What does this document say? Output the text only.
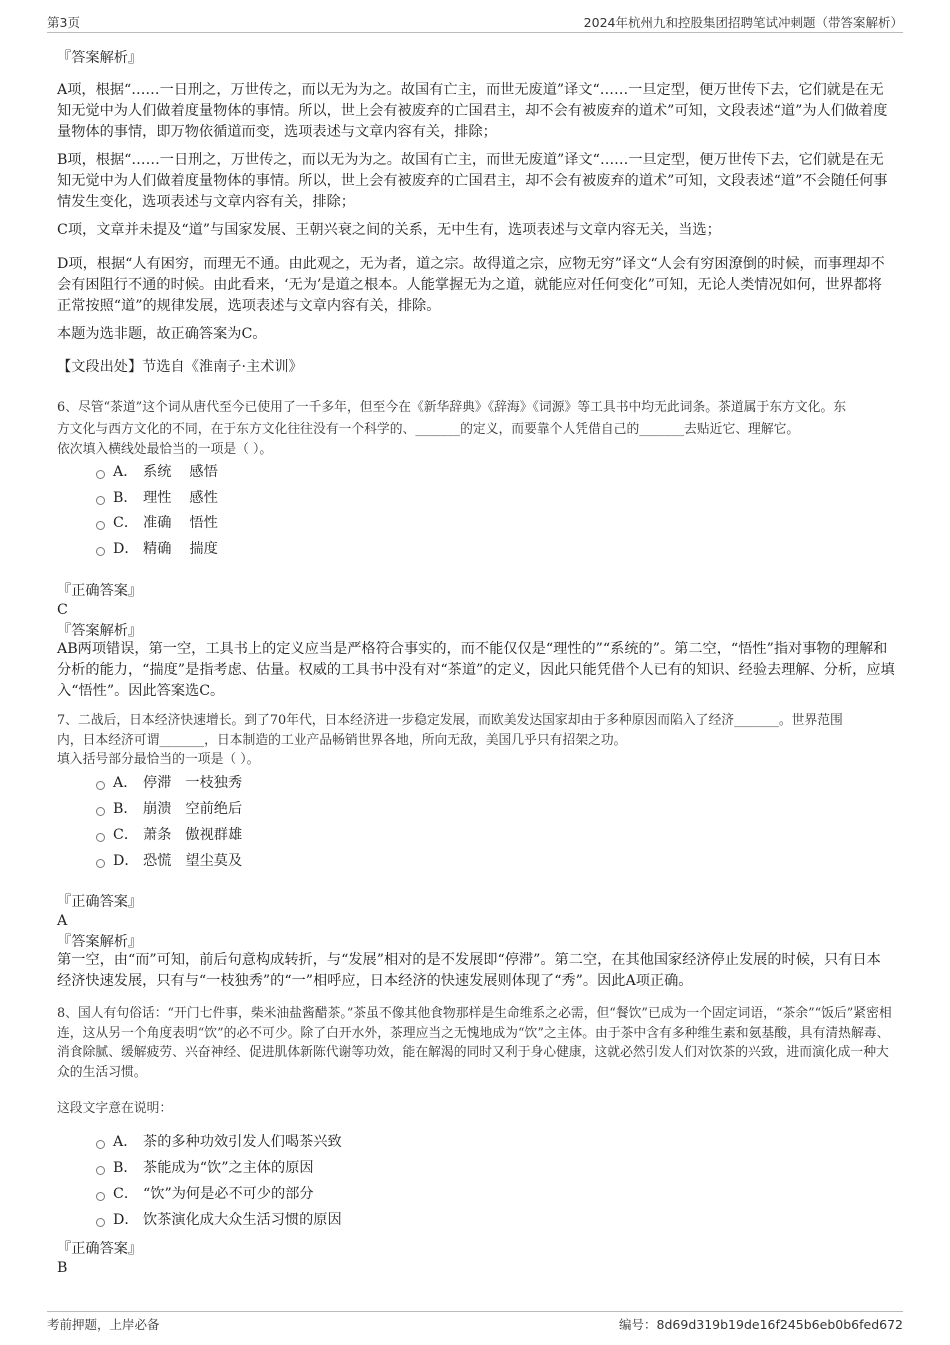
第3页	2024年杭州九和控股集团招聘笔试冲刺题（带答案解析）

『答案解析』

A项，根据“……一日刑之，万世传之，而以无为为之。故国有亡主，而世无废道”译文“……一旦定型，便万世传下去，它们就是在无知无觉中为人们做着度量物体的事情。所以，世上会有被废弃的亡国君主，却不会有被废弃的道术”可知，文段表述“道”为人们做着度量物体的事情，即万物依循道而变，选项表述与文章内容有关，排除；

B项，根据“……一日刑之，万世传之，而以无为为之。故国有亡主，而世无废道”译文“……一旦定型，便万世传下去，它们就是在无知无觉中为人们做着度量物体的事情。所以，世上会有被废弃的亡国君主，却不会有被废弃的道术”可知，文段表述“道”不会随任何事情发生变化，选项表述与文章内容有关，排除；

C项，文章并未提及“道”与国家发展、王朝兴衰之间的关系，无中生有，选项表述与文章内容无关，当选；

D项，根据“人有困穷，而理无不通。由此观之，无为者，道之宗。故得道之宗，应物无穷”译文“人会有穷困潦倒的时候，而事理却不会有困阻行不通的时候。由此看来，‘无为’是道之根本。人能掌握无为之道，就能应对任何变化”可知，无论人类情况如何，世界都将正常按照“道”的规律发展，选项表述与文章内容有关，排除。

本题为选非题，故正确答案为C。

【文段出处】节选自《淮南子·主术训》

6、尽管“茶道”这个词从唐代至今已使用了一千多年，但至今在《新华辞典》《辞海》《词源》等工具书中均无此词条。茶道属于东方文化。东

方文化与西方文化的不同，在于东方文化往往没有一个科学的、_______的定义，而要靠个人凭借自己的_______去贴近它、理解它。

依次填入横线处最恰当的一项是（ ）。

A． 系统 感悟
B． 理性 感性
C． 准确 悟性
D． 精确 揣度

『正确答案』

C

『答案解析』

AB两项错误，第一空，工具书上的定义应当是严格符合事实的，而不能仅仅是“理性的”“系统的”。第二空，“悟性”指对事物的理解和分析的能力，“揣度”是指考虑、估量。权威的工具书中没有对“茶道”的定义，因此只能凭借个人已有的知识、经验去理解、分析，应填入“悟性”。因此答案选C。

7、二战后，日本经济快速增长。到了70年代，日本经济进一步稳定发展，而欧美发达国家却由于多种原因而陷入了经济_______。世界范围

内，日本经济可谓_______，日本制造的工业产品畅销世界各地，所向无敌，美国几乎只有招架之功。

填入括号部分最恰当的一项是（ ）。

A． 停滞 一枝独秀
B． 崩溃 空前绝后
C． 萧条 傲视群雄
D． 恐慌 望尘莫及

『正确答案』

A

『答案解析』

第一空，由“而”可知，前后句意构成转折，与“发展”相对的是不发展即“停滞”。第二空，在其他国家经济停止发展的时候，只有日本经济快速发展，只有与“一枝独秀”的“一”相呼应，日本经济的快速发展则体现了“秀”。因此A项正确。

8、国人有句俗话：“开门七件事，柴米油盐酱醋茶。”茶虽不像其他食物那样是生命维系之必需，但“餐饮”已成为一个固定词语，“茶余”“饭后”紧密相连，这从另一个角度表明“饮”的必不可少。除了白开水外，茶理应当之无愧地成为“饮”之主体。由于茶中含有多种维生素和氨基酸，具有清热解毒、消食除腻、缓解疲劳、兴奋神经、促进肌体新陈代谢等功效，能在解渴的同时又利于身心健康，这就必然引发人们对饮茶的兴致，进而演化成一种大众的生活习惯。

这段文字意在说明：

A． 茶的多种功效引发人们喝茶兴致
B． 茶能成为“饮”之主体的原因
C． “饮”为何是必不可少的部分
D． 饮茶演化成大众生活习惯的原因

『正确答案』

B

考前押题，上岸必备	编号：8d69d319b19de16f245b6eb0b6fed672
